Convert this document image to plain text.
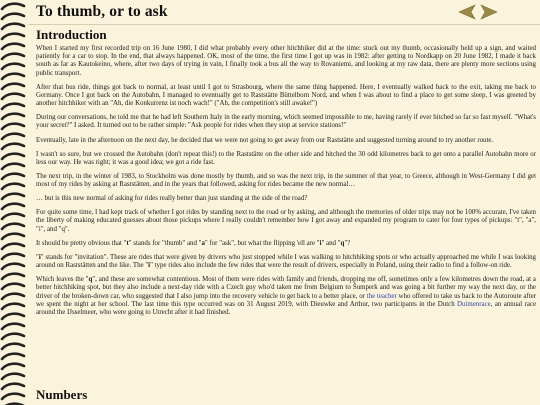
To thumb, or to ask
Introduction

When I started my first recorded trip on 16 June 1980, I did what probably every other hitchhiker did at the time: stuck out my thumb, occasionally held up a sign, and waited patiently for a car to stop. In the end, that always happened. OK, most of the time, the first time I got up was in 1982: after getting to Nordkapp on 20 June 1982, I made it back south as far as Kautokeino, where, after two days of trying in vain, I finally took a bus all the way to Rovaniemi, and looking at my raw data, there are plenty more sections using public transport.

After that bus ride, things got back to normal, at least until I got to Strasbourg, where the same thing happened. Here, I eventually walked back to the exit, taking me back to Germany. Once I got back on the Autobahn, I managed to eventually get to Raststätte Büttelborn Nord, and when I was about to find a place to get some sleep, I was greeted by another hitchhiker with an "Ah, die Konkurrenz ist noch wach!" ("Ah, the competition's still awake!")

During our conversations, he told me that he had left Southern Italy in the early morning, which seemed impossible to me, having rarely if ever hitched so far so fast myself. "What's your secret?" I asked. It turned out to be rather simple: "Ask people for rides when they stop at service stations!"

Eventually, late in the afternoon on the next day, he decided that we were not going to get away from our Raststätte and suggested turning around to try another route.

I wasn't so sure, but we crossed the Autobahn (don't repeat this!) to the Raststätte on the other side and hitched the 30 odd kilometres back to get onto a parallel Autobahn more or less our way. He was right; it was a good idea; we got a ride fast.

The next trip, in the winter of 1983, to Stockholm was done mostly by thumb, and so was the next trip, in the summer of that year, to Greece, although in West-Germany I did get most of my rides by asking at Raststätten, and in the years that followed, asking for rides became the new normal…

… but is this new normal of asking for rides really better than just standing at the side of the road?

For quite some time, I had kept track of whether I got rides by standing next to the road or by asking, and although the memories of older trips may not be 100% accurate, I've taken the liberty of making educated guesses about those pickups where I really couldn't remember how I got away and expanded my program to cater for four types of pickups: "t", "a", "i", and "q".

It should be pretty obvious that "t" stands for "thumb" and "a" for "ask", but what the flipping 'ell are "i" and "q"?

"i" stands for "invitation". These are rides that were given by drivers who just stopped while I was walking to hitchhiking spots or who actually approached me while I was looking around on Raststätten and the like. The "i" type rides also include the few rides that were the result of drivers, especially in Poland, using their radio to find a follow-on ride.

Which leaves the "q", and these are somewhat contentious. Most of them were rides with family and friends, dropping me off, sometimes only a few kilometres down the road, at a better hitchhiking spot, but they also include a next-day ride with a Czech guy who'd taken me from Belgium to Šumperk and was going a bit further my way the next day, or the driver of the broken-down car, who suggested that I also jump into the recovery vehicle to get back to a better place, or the teacher who offered to take us back to the Autoroute after we spent the night at her school. The last time this type occurred was on 31 August 2019, with Dieuwke and Arthur, two participants in the Dutch Duimenrace, an annual race around the IJsselmeer, who were going to Utrecht after it had finished.

Numbers
